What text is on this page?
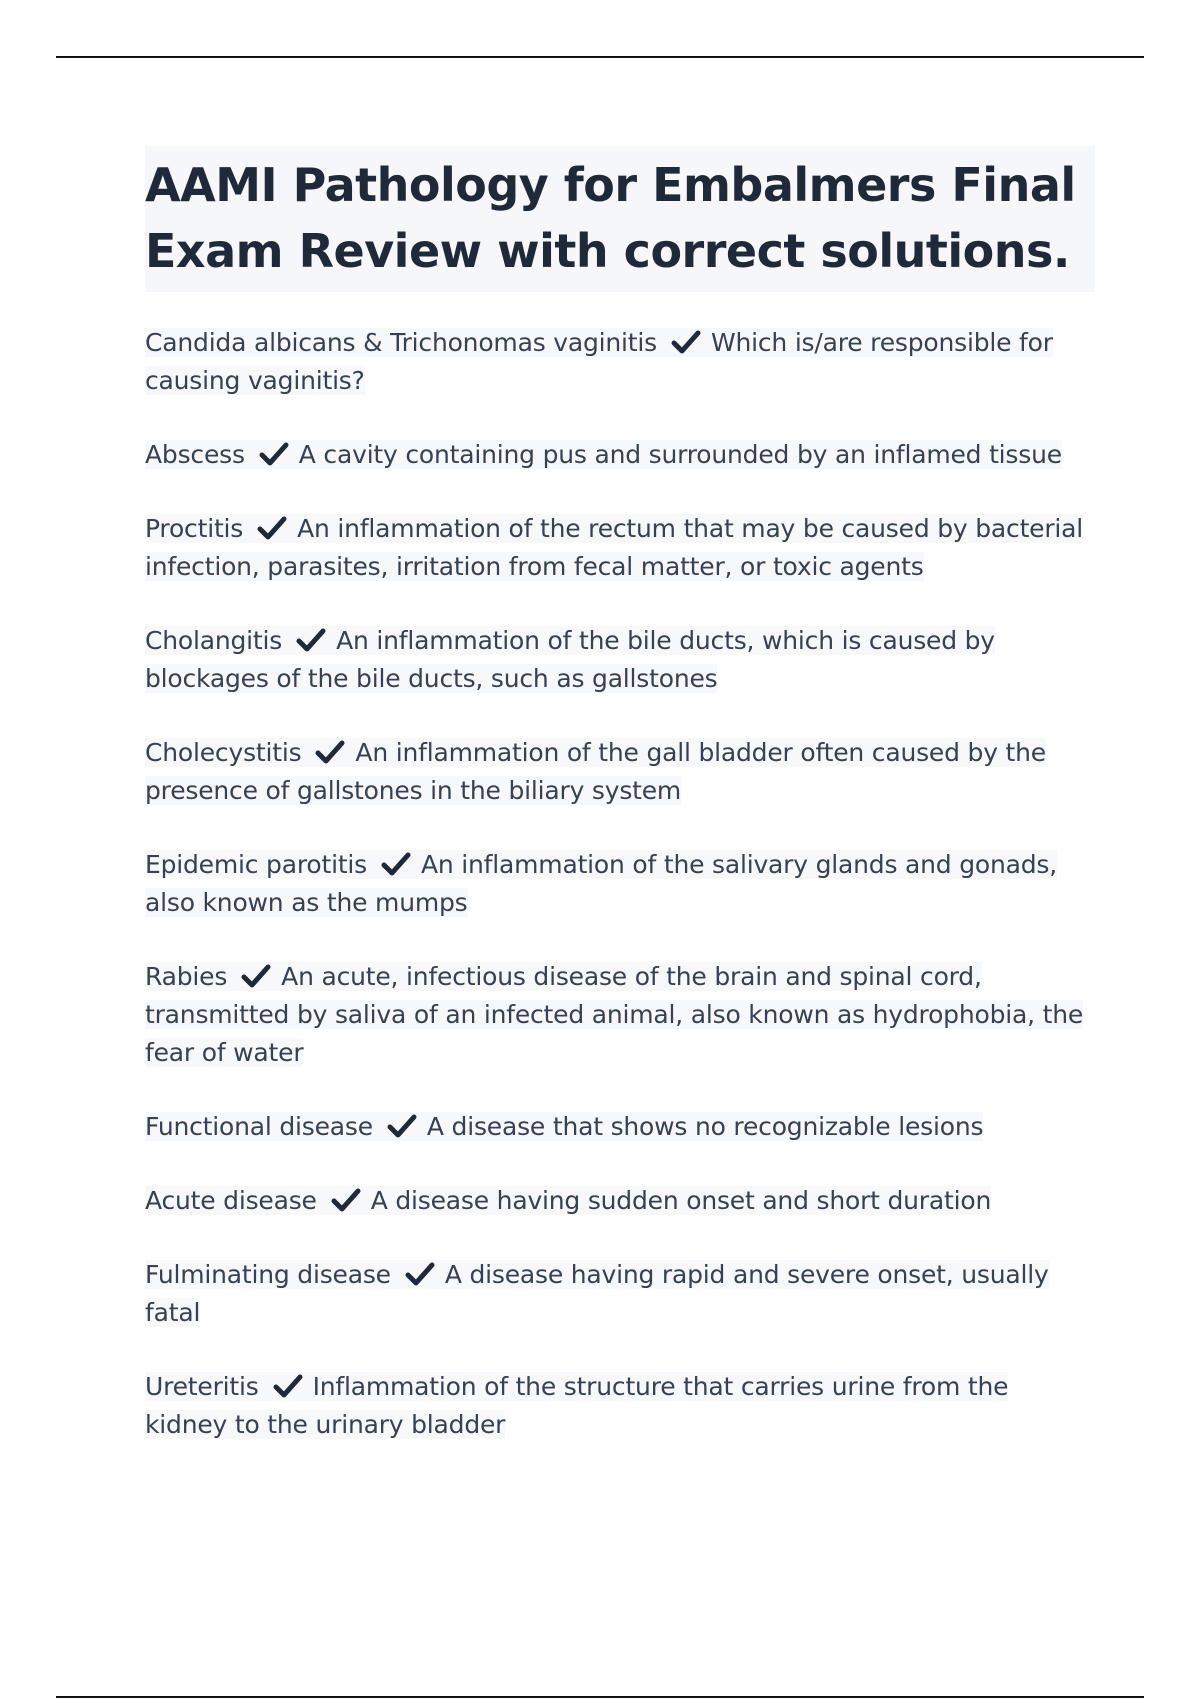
AAMI Pathology for Embalmers Final Exam Review with correct solutions.

Candida albicans & Trichonomas vaginitis Which is/are responsible for causing vaginitis?

Abscess A cavity containing pus and surrounded by an inflamed tissue

Proctitis An inflammation of the rectum that may be caused by bacterial infection, parasites, irritation from fecal matter, or toxic agents

Cholangitis An inflammation of the bile ducts, which is caused by blockages of the bile ducts, such as gallstones

Cholecystitis An inflammation of the gall bladder often caused by the presence of gallstones in the biliary system

Epidemic parotitis An inflammation of the salivary glands and gonads, also known as the mumps

Rabies An acute, infectious disease of the brain and spinal cord, transmitted by saliva of an infected animal, also known as hydrophobia, the fear of water

Functional disease A disease that shows no recognizable lesions

Acute disease A disease having sudden onset and short duration

Fulminating disease A disease having rapid and severe onset, usually fatal

Ureteritis Inflammation of the structure that carries urine from the kidney to the urinary bladder
